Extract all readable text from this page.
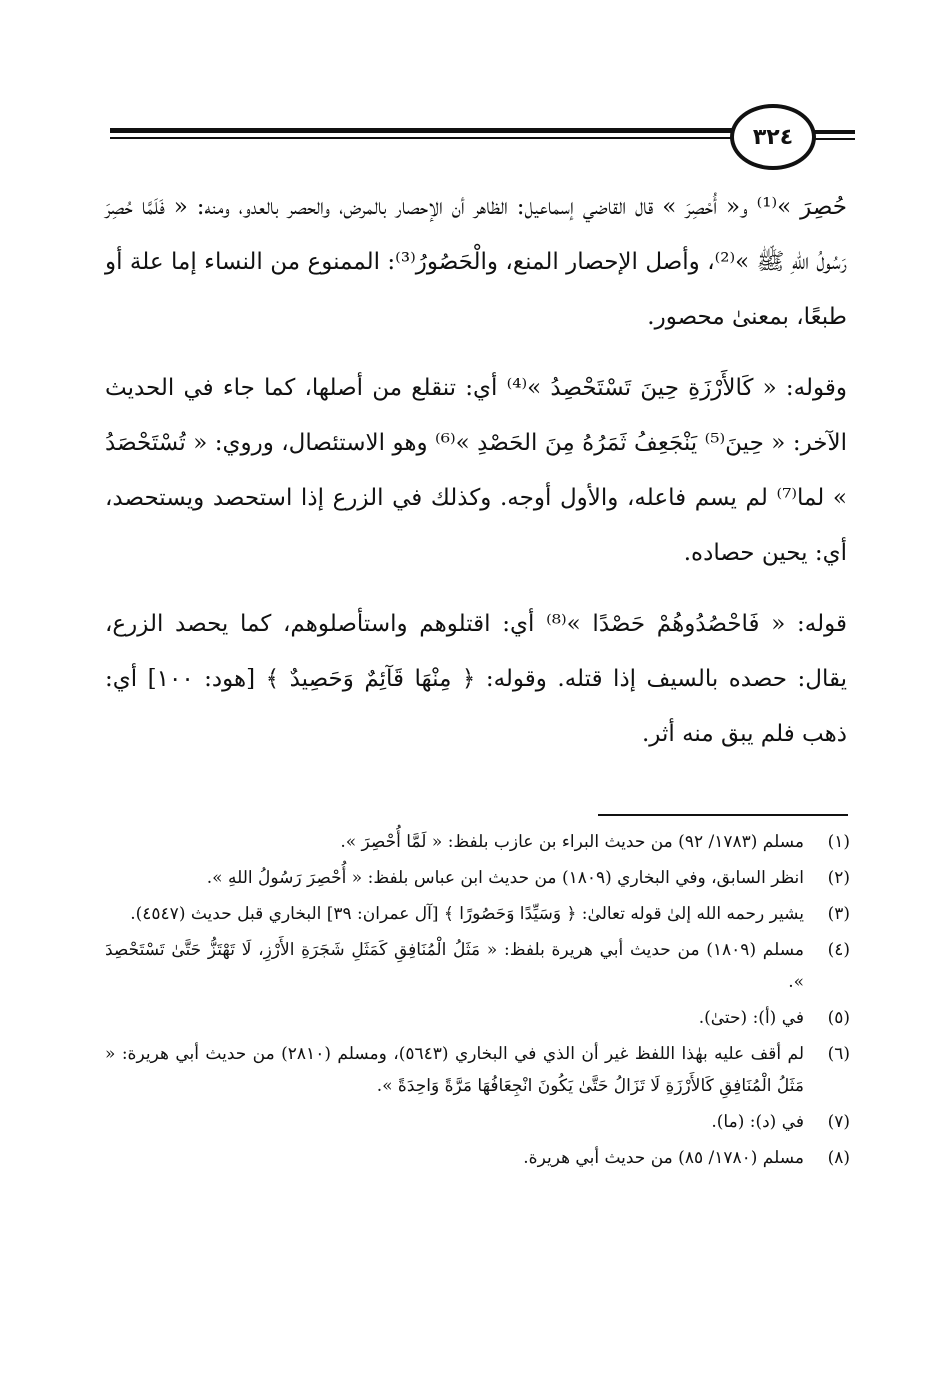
٣٢٤

حُصِرَ »⁽¹⁾ و« أُحْصِرَ » قال القاضي إسماعيل: الظاهر أن الإحصار بالمرض، والحصر بالعدو، ومنه: « فَلَمَّا حُصِرَ رَسُولُ اللهِ ﷺ »⁽²⁾، وأصل الإحصار المنع، والْحَصُورُ⁽³⁾: الممنوع من النساء إما علة أو طبعًا، بمعنىٰ محصور.

وقوله: « كَالأَرْزَةِ حِينَ تَسْتَحْصِدُ »⁽⁴⁾ أي: تنقلع من أصلها، كما جاء في الحديث الآخر: « حِينَ⁽⁵⁾ يَنْجَعِفُ ثَمَرُهُ مِنَ الحَصْدِ »⁽⁶⁾ وهو الاستئصال، وروي: « تُسْتَحْصَدُ » لما⁽⁷⁾ لم يسم فاعله، والأول أوجه. وكذلك في الزرع إذا استحصد ويستحصد، أي: يحين حصاده.

قوله: « فَاحْصُدُوهُمْ حَصْدًا »⁽⁸⁾ أي: اقتلوهم واستأصلوهم، كما يحصد الزرع، يقال: حصده بالسيف إذا قتله. وقوله: ﴿ مِنْهَا قَآئِمٌ وَحَصِيدٌ ﴾ [هود: ١٠٠] أي: ذهب فلم يبق منه أثر.

(١)
مسلم (١٧٨٣/ ٩٢) من حديث البراء بن عازب بلفظ: « لَمَّا أُحْصِرَ ».
(٢)
انظر السابق، وفي البخاري (١٨٠٩) من حديث ابن عباس بلفظ: « أُحْصِرَ رَسُولُ اللهِ ».
(٣)
يشير رحمه الله إلىٰ قوله تعالىٰ: ﴿ وَسَيِّدًا وَحَصُورًا ﴾ [آل عمران: ٣٩] البخاري قبل حديث (٤٥٤٧).
(٤)
مسلم (١٨٠٩) من حديث أبي هريرة بلفظ: « مَثَلُ الْمُنَافِقِ كَمَثَلِ شَجَرَةِ الأَرْزِ، لَا تَهْتَزُّ حَتَّىٰ تَسْتَحْصِدَ ».
(٥)
في (أ): (حتىٰ).
(٦)
لم أقف عليه بهٰذا اللفظ غير أن الذي في البخاري (٥٦٤٣)، ومسلم (٢٨١٠) من حديث أبي هريرة: « مَثَلُ الْمُنَافِقِ كَالأَرْزَةِ لَا تَزَالُ حَتَّىٰ يَكُونَ انْجِعَافُهَا مَرَّةً وَاحِدَةً ».
(٧)
في (د): (ما).
(٨)
مسلم (١٧٨٠/ ٨٥) من حديث أبي هريرة.
